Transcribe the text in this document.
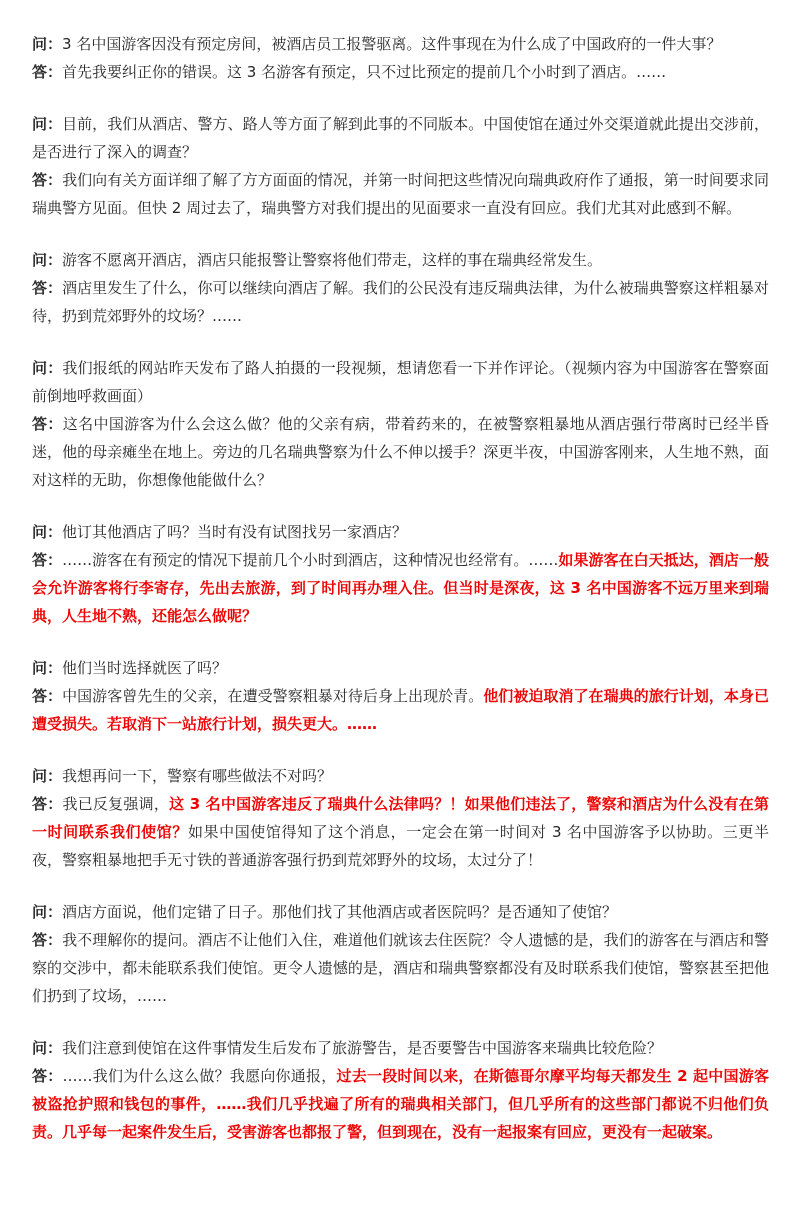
问：3 名中国游客因没有预定房间，被酒店员工报警驱离。这件事现在为什么成了中国政府的一件大事？

答：首先我要纠正你的错误。这 3 名游客有预定，只不过比预定的提前几个小时到了酒店。……

问：目前，我们从酒店、警方、路人等方面了解到此事的不同版本。中国使馆在通过外交渠道就此提出交涉前，是否进行了深入的调查？

答：我们向有关方面详细了解了方方面面的情况，并第一时间把这些情况向瑞典政府作了通报，第一时间要求同瑞典警方见面。但快 2 周过去了，瑞典警方对我们提出的见面要求一直没有回应。我们尤其对此感到不解。

问：游客不愿离开酒店，酒店只能报警让警察将他们带走，这样的事在瑞典经常发生。

答：酒店里发生了什么，你可以继续向酒店了解。我们的公民没有违反瑞典法律，为什么被瑞典警察这样粗暴对待，扔到荒郊野外的坟场？……

问：我们报纸的网站昨天发布了路人拍摄的一段视频，想请您看一下并作评论。（视频内容为中国游客在警察面前倒地呼救画面）

答：这名中国游客为什么会这么做？他的父亲有病，带着药来的，在被警察粗暴地从酒店强行带离时已经半昏迷，他的母亲瘫坐在地上。旁边的几名瑞典警察为什么不伸以援手？深更半夜，中国游客刚来，人生地不熟，面对这样的无助，你想像他能做什么？

问：他订其他酒店了吗？当时有没有试图找另一家酒店？

答：……游客在有预定的情况下提前几个小时到酒店，这种情况也经常有。……如果游客在白天抵达，酒店一般会允许游客将行李寄存，先出去旅游，到了时间再办理入住。但当时是深夜，这 3 名中国游客不远万里来到瑞典，人生地不熟，还能怎么做呢？

问：他们当时选择就医了吗？

答：中国游客曾先生的父亲，在遭受警察粗暴对待后身上出现於青。他们被迫取消了在瑞典的旅行计划，本身已遭受损失。若取消下一站旅行计划，损失更大。……

问：我想再问一下，警察有哪些做法不对吗？

答：我已反复强调，这 3 名中国游客违反了瑞典什么法律吗？！如果他们违法了，警察和酒店为什么没有在第一时间联系我们使馆？如果中国使馆得知了这个消息，一定会在第一时间对 3 名中国游客予以协助。三更半夜，警察粗暴地把手无寸铁的普通游客强行扔到荒郊野外的坟场，太过分了！

问：酒店方面说，他们定错了日子。那他们找了其他酒店或者医院吗？是否通知了使馆？

答：我不理解你的提问。酒店不让他们入住，难道他们就该去住医院？令人遗憾的是，我们的游客在与酒店和警察的交涉中，都未能联系我们使馆。更令人遗憾的是，酒店和瑞典警察都没有及时联系我们使馆，警察甚至把他们扔到了坟场，……

问：我们注意到使馆在这件事情发生后发布了旅游警告，是否要警告中国游客来瑞典比较危险？

答：……我们为什么这么做？我愿向你通报，过去一段时间以来，在斯德哥尔摩平均每天都发生 2 起中国游客被盗抢护照和钱包的事件，……我们几乎找遍了所有的瑞典相关部门，但几乎所有的这些部门都说不归他们负责。几乎每一起案件发生后，受害游客也都报了警，但到现在，没有一起报案有回应，更没有一起破案。
